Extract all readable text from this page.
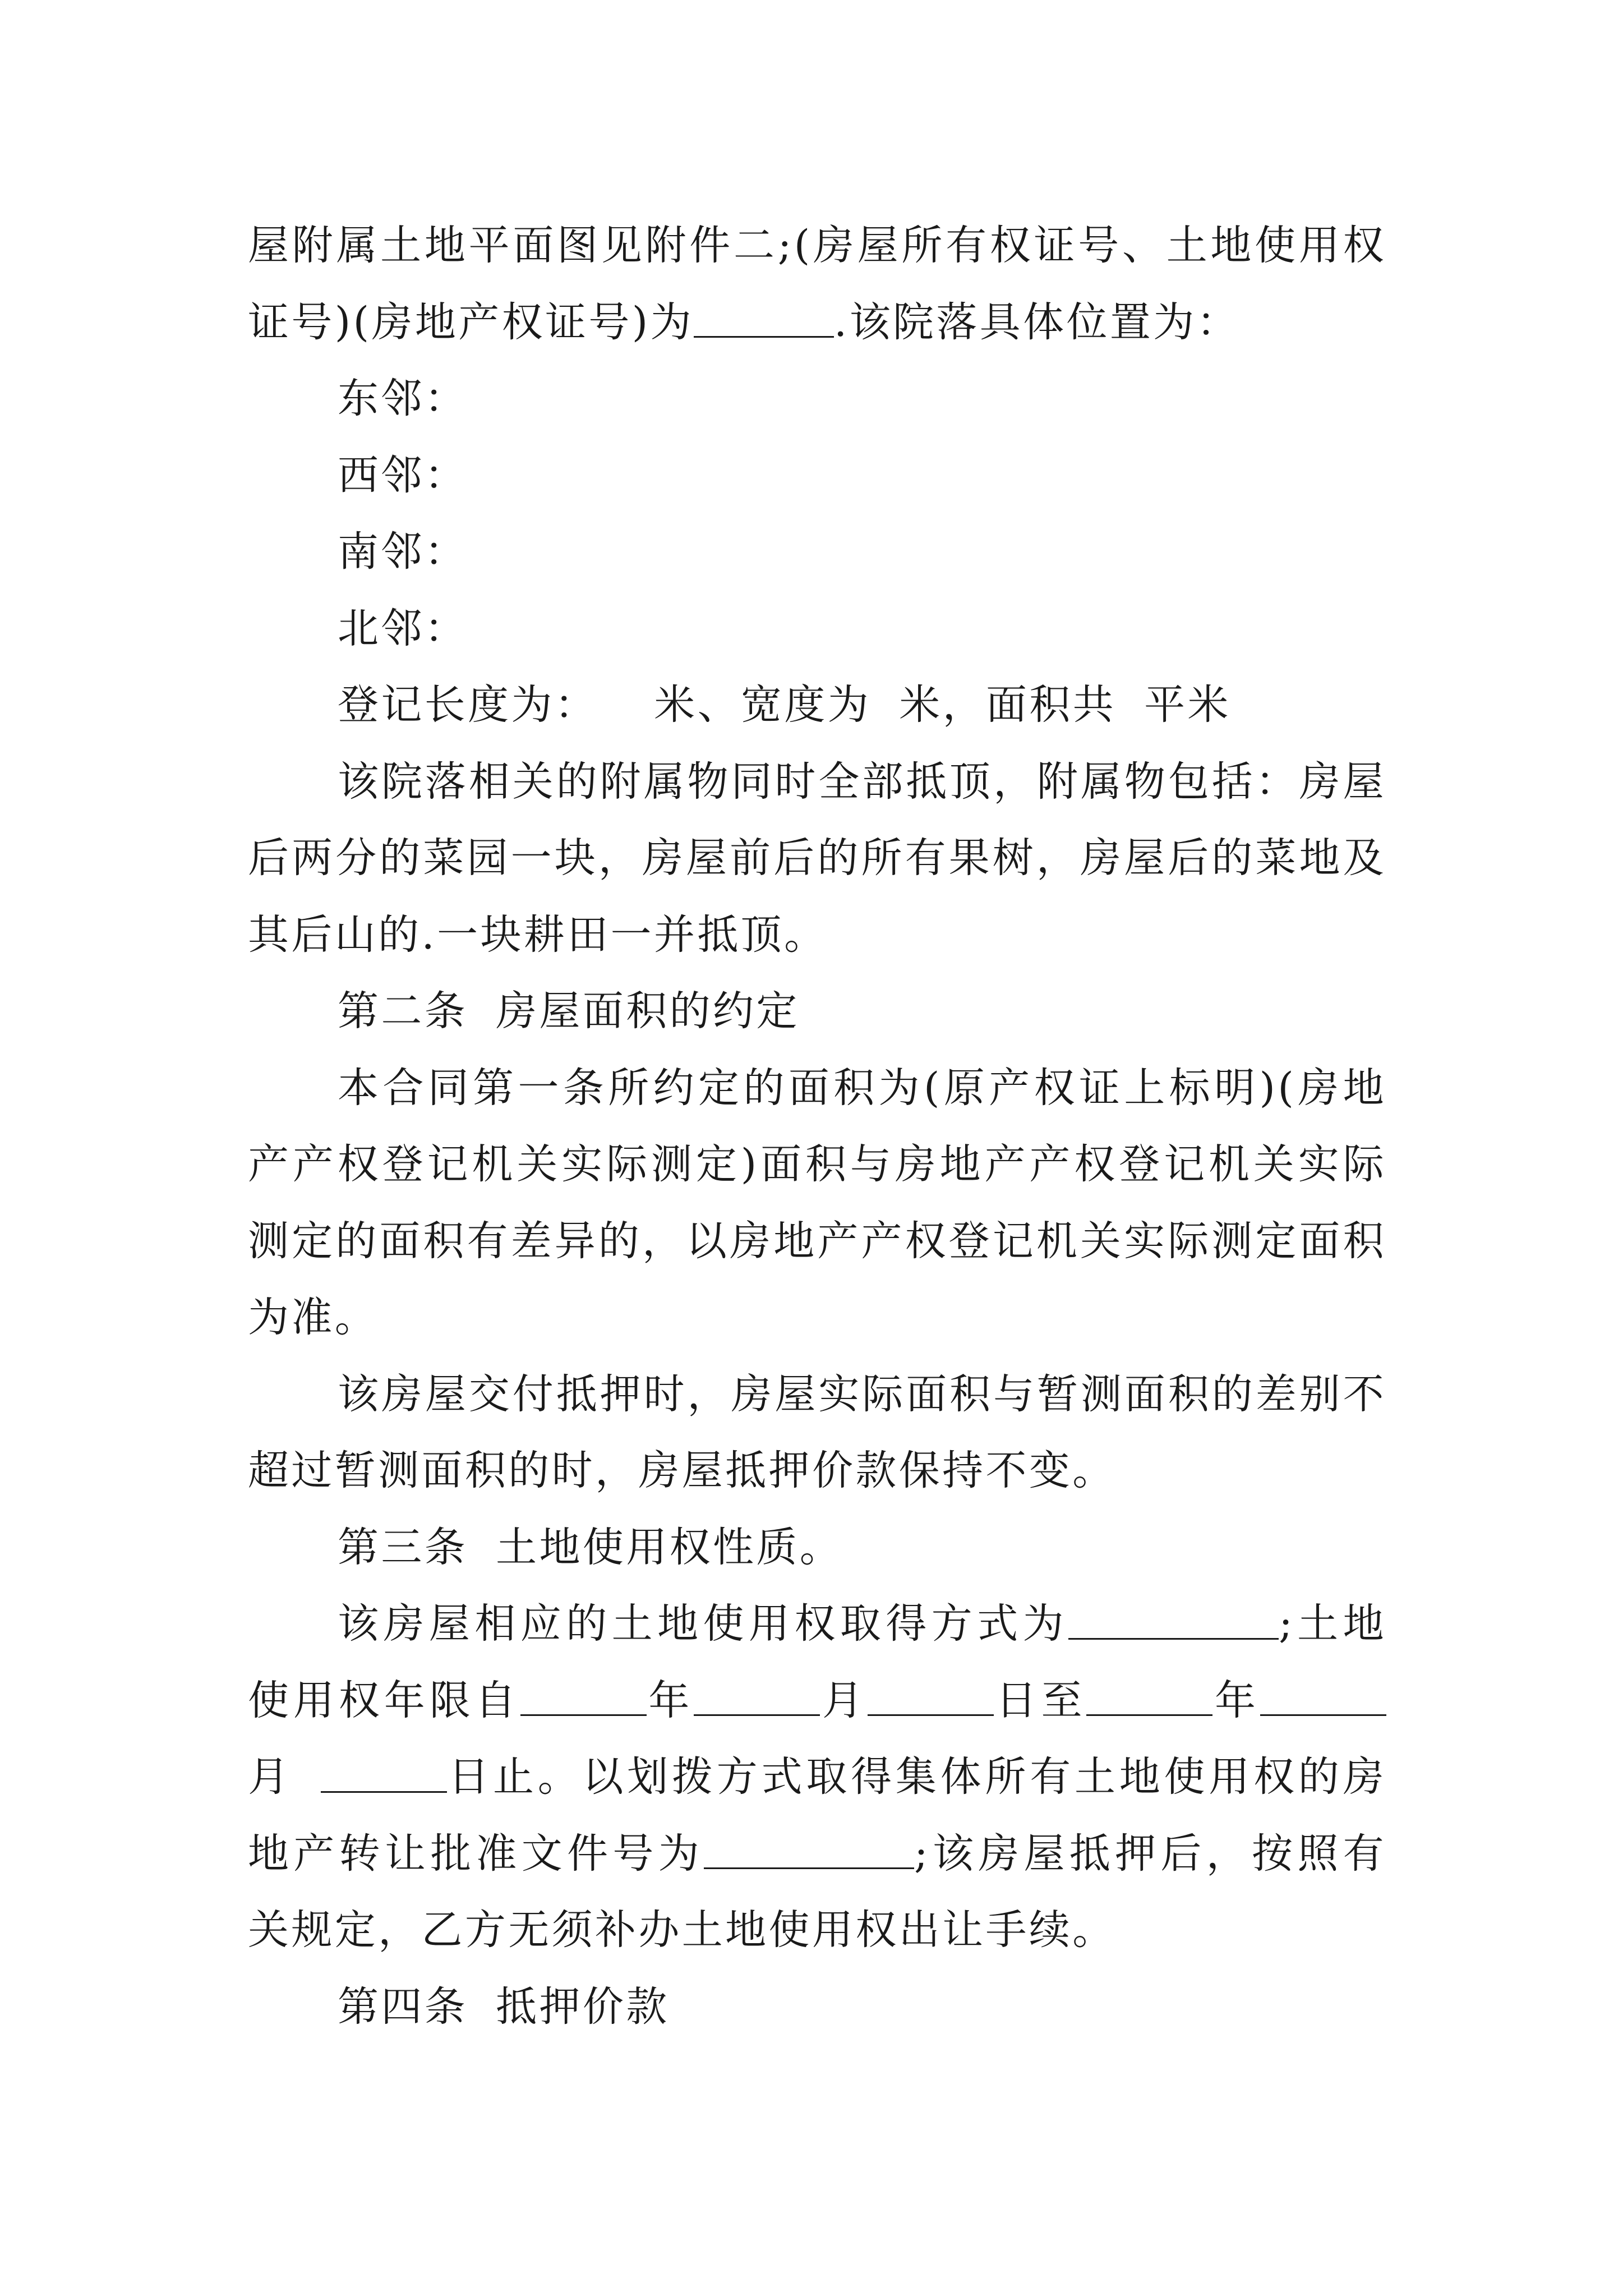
屋附属土地平面图见附件二;(房屋所有权证号、土地使用权
证号)(房地产权证号)为	.该院落具体位置为：
东邻：
西邻：
南邻：
北邻：
登记长度为： 米、宽度为 米，面积共 平米
该院落相关的附属物同时全部抵顶，附属物包括：房屋
后两分的菜园一块，房屋前后的所有果树，房屋后的菜地及
其后山的.一块耕田一并抵顶。
第二条 房屋面积的约定
本合同第一条所约定的面积为(原产权证上标明)(房地
产产权登记机关实际测定)面积与房地产产权登记机关实际
测定的面积有差异的，以房地产产权登记机关实际测定面积
为准。
该房屋交付抵押时，房屋实际面积与暂测面积的差别不
超过暂测面积的时，房屋抵押价款保持不变。
第三条 土地使用权性质。
该房屋相应的土地使用权取得方式为	;土地
使用权年限自	年	月	日至	年
月	日止。以划拨方式取得集体所有土地使用权的房
地产转让批准文件号为	;该房屋抵押后，按照有
关规定，乙方无须补办土地使用权出让手续。
第四条 抵押价款
